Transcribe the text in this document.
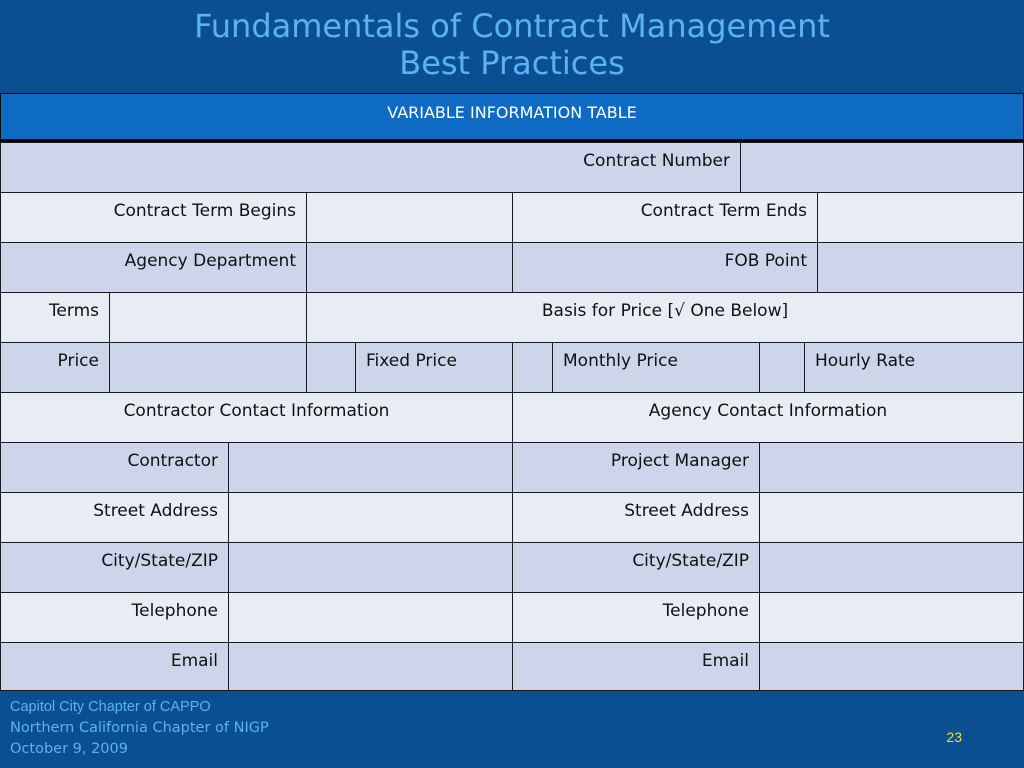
Fundamentals of Contract Management
Best Practices
VARIABLE INFORMATION TABLE
Contract Number
Contract Term Begins	Contract Term Ends
Agency Department	FOB Point
Terms	Basis for Price [√ One Below]
Price	Fixed Price	Monthly Price	Hourly Rate
Contractor Contact Information	Agency Contact Information
Contractor	Project Manager
Street Address	Street Address
City/State/ZIP	City/State/ZIP
Telephone	Telephone
Email	Email
Capitol City Chapter of CAPPO
Northern California Chapter of NIGP
October 9, 2009
23
